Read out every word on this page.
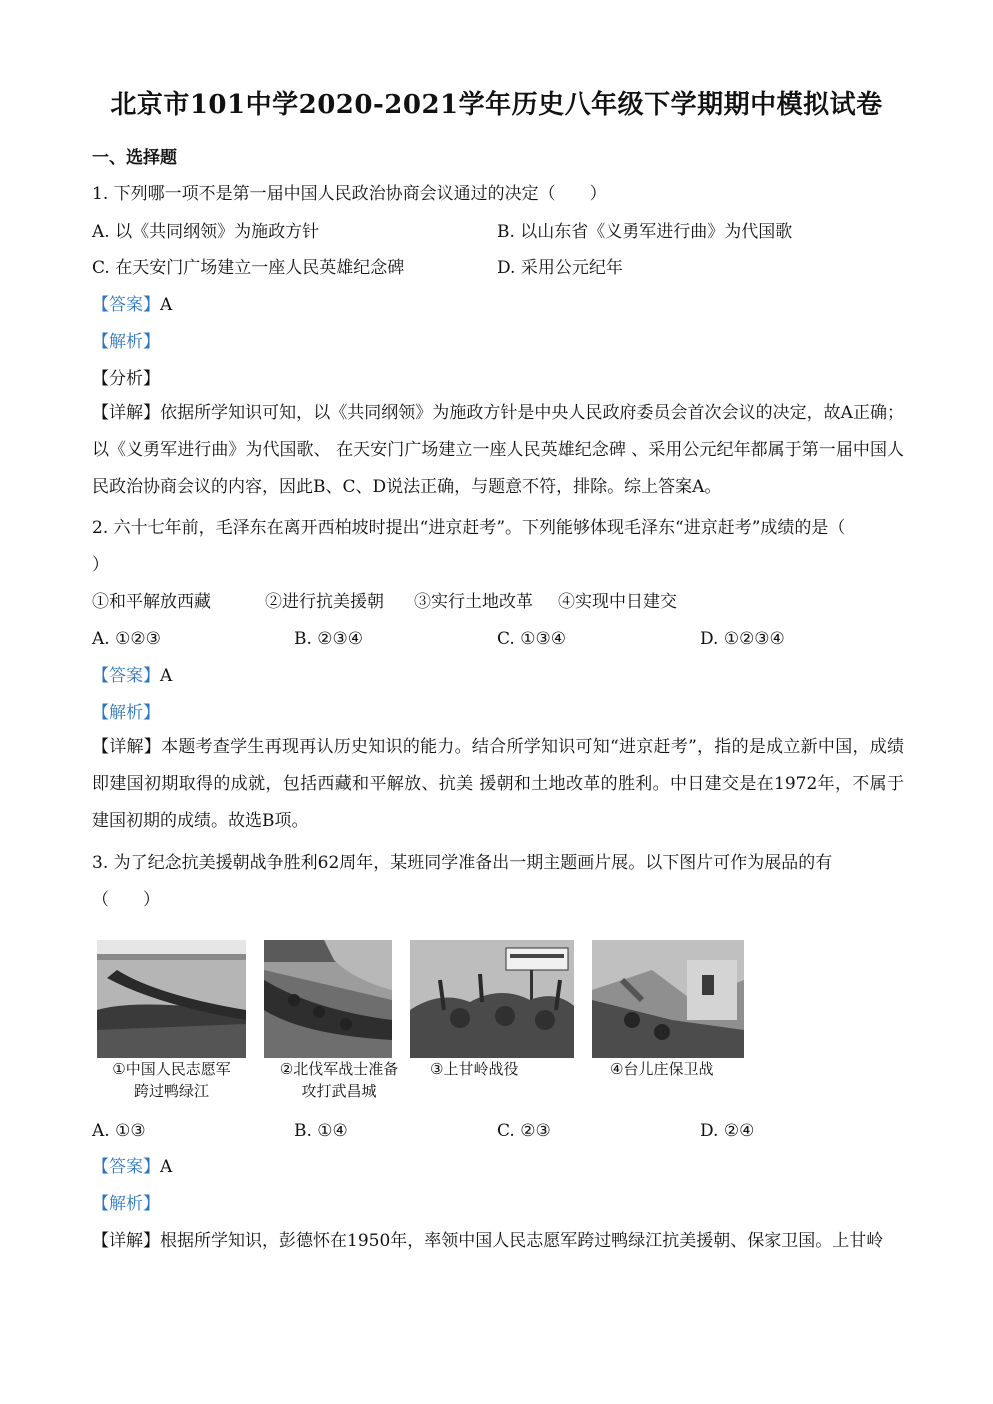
北京市101中学2020-2021学年历史八年级下学期期中模拟试卷
一、选择题
1. 下列哪一项不是第一届中国人民政治协商会议通过的决定（　　）
A. 以《共同纲领》为施政方针	B. 以山东省《义勇军进行曲》为代国歌
C. 在天安门广场建立一座人民英雄纪念碑	D. 采用公元纪年
【答案】A
【解析】
【分析】
【详解】依据所学知识可知，以《共同纲领》为施政方针是中央人民政府委员会首次会议的决定，故A正确；以《义勇军进行曲》为代国歌、 在天安门广场建立一座人民英雄纪念碑 、采用公元纪年都属于第一届中国人民政治协商会议的内容，因此B、C、D说法正确，与题意不符，排除。综上答案A。
2. 六十七年前，毛泽东在离开西柏坡时提出“进京赶考”。下列能够体现毛泽东“进京赶考”成绩的是（
）
①和平解放西藏	②进行抗美援朝 ③实行土地改革 ④实现中日建交
A. ①②③	B. ②③④	C. ①③④	D. ①②③④
【答案】A
【解析】
【详解】本题考查学生再现再认历史知识的能力。结合所学知识可知“进京赶考”，指的是成立新中国，成绩即建国初期取得的成就，包括西藏和平解放、抗美 援朝和土地改革的胜利。中日建交是在1972年，不属于建国初期的成绩。故选B项。
3. 为了纪念抗美援朝战争胜利62周年，某班同学准备出一期主题画片展。以下图片可作为展品的有
（　　）
①中国人民志愿军
跨过鸭绿江
②北伐军战士准备
攻打武昌城
③上甘岭战役	④台儿庄保卫战
A. ①③	B. ①④	C. ②③	D. ②④
【答案】A
【解析】
【详解】根据所学知识，彭德怀在1950年，率领中国人民志愿军跨过鸭绿江抗美援朝、保家卫国。上甘岭
